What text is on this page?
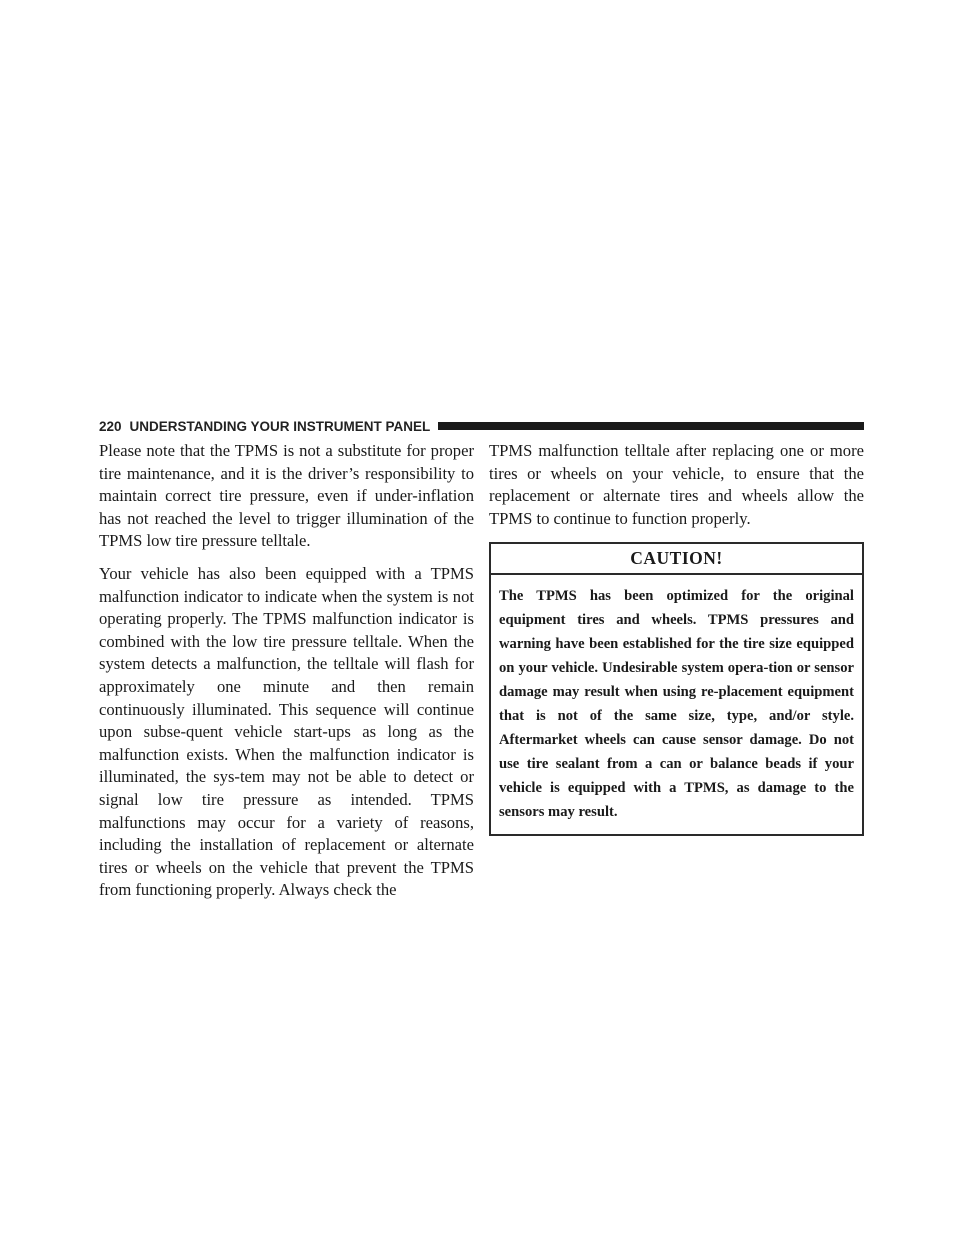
220 UNDERSTANDING YOUR INSTRUMENT PANEL

Please note that the TPMS is not a substitute for proper tire maintenance, and it is the driver’s responsibility to maintain correct tire pressure, even if under-inflation has not reached the level to trigger illumination of the TPMS low tire pressure telltale.

Your vehicle has also been equipped with a TPMS malfunction indicator to indicate when the system is not operating properly. The TPMS malfunction indicator is combined with the low tire pressure telltale. When the system detects a malfunction, the telltale will flash for approximately one minute and then remain continuously illuminated. This sequence will continue upon subse-quent vehicle start-ups as long as the malfunction exists. When the malfunction indicator is illuminated, the sys-tem may not be able to detect or signal low tire pressure as intended. TPMS malfunctions may occur for a variety of reasons, including the installation of replacement or alternate tires or wheels on the vehicle that prevent the TPMS from functioning properly. Always check the

TPMS malfunction telltale after replacing one or more tires or wheels on your vehicle, to ensure that the replacement or alternate tires and wheels allow the TPMS to continue to function properly.

CAUTION!
The TPMS has been optimized for the original equipment tires and wheels. TPMS pressures and warning have been established for the tire size equipped on your vehicle. Undesirable system opera-tion or sensor damage may result when using re-placement equipment that is not of the same size, type, and/or style. Aftermarket wheels can cause sensor damage. Do not use tire sealant from a can or balance beads if your vehicle is equipped with a TPMS, as damage to the sensors may result.
